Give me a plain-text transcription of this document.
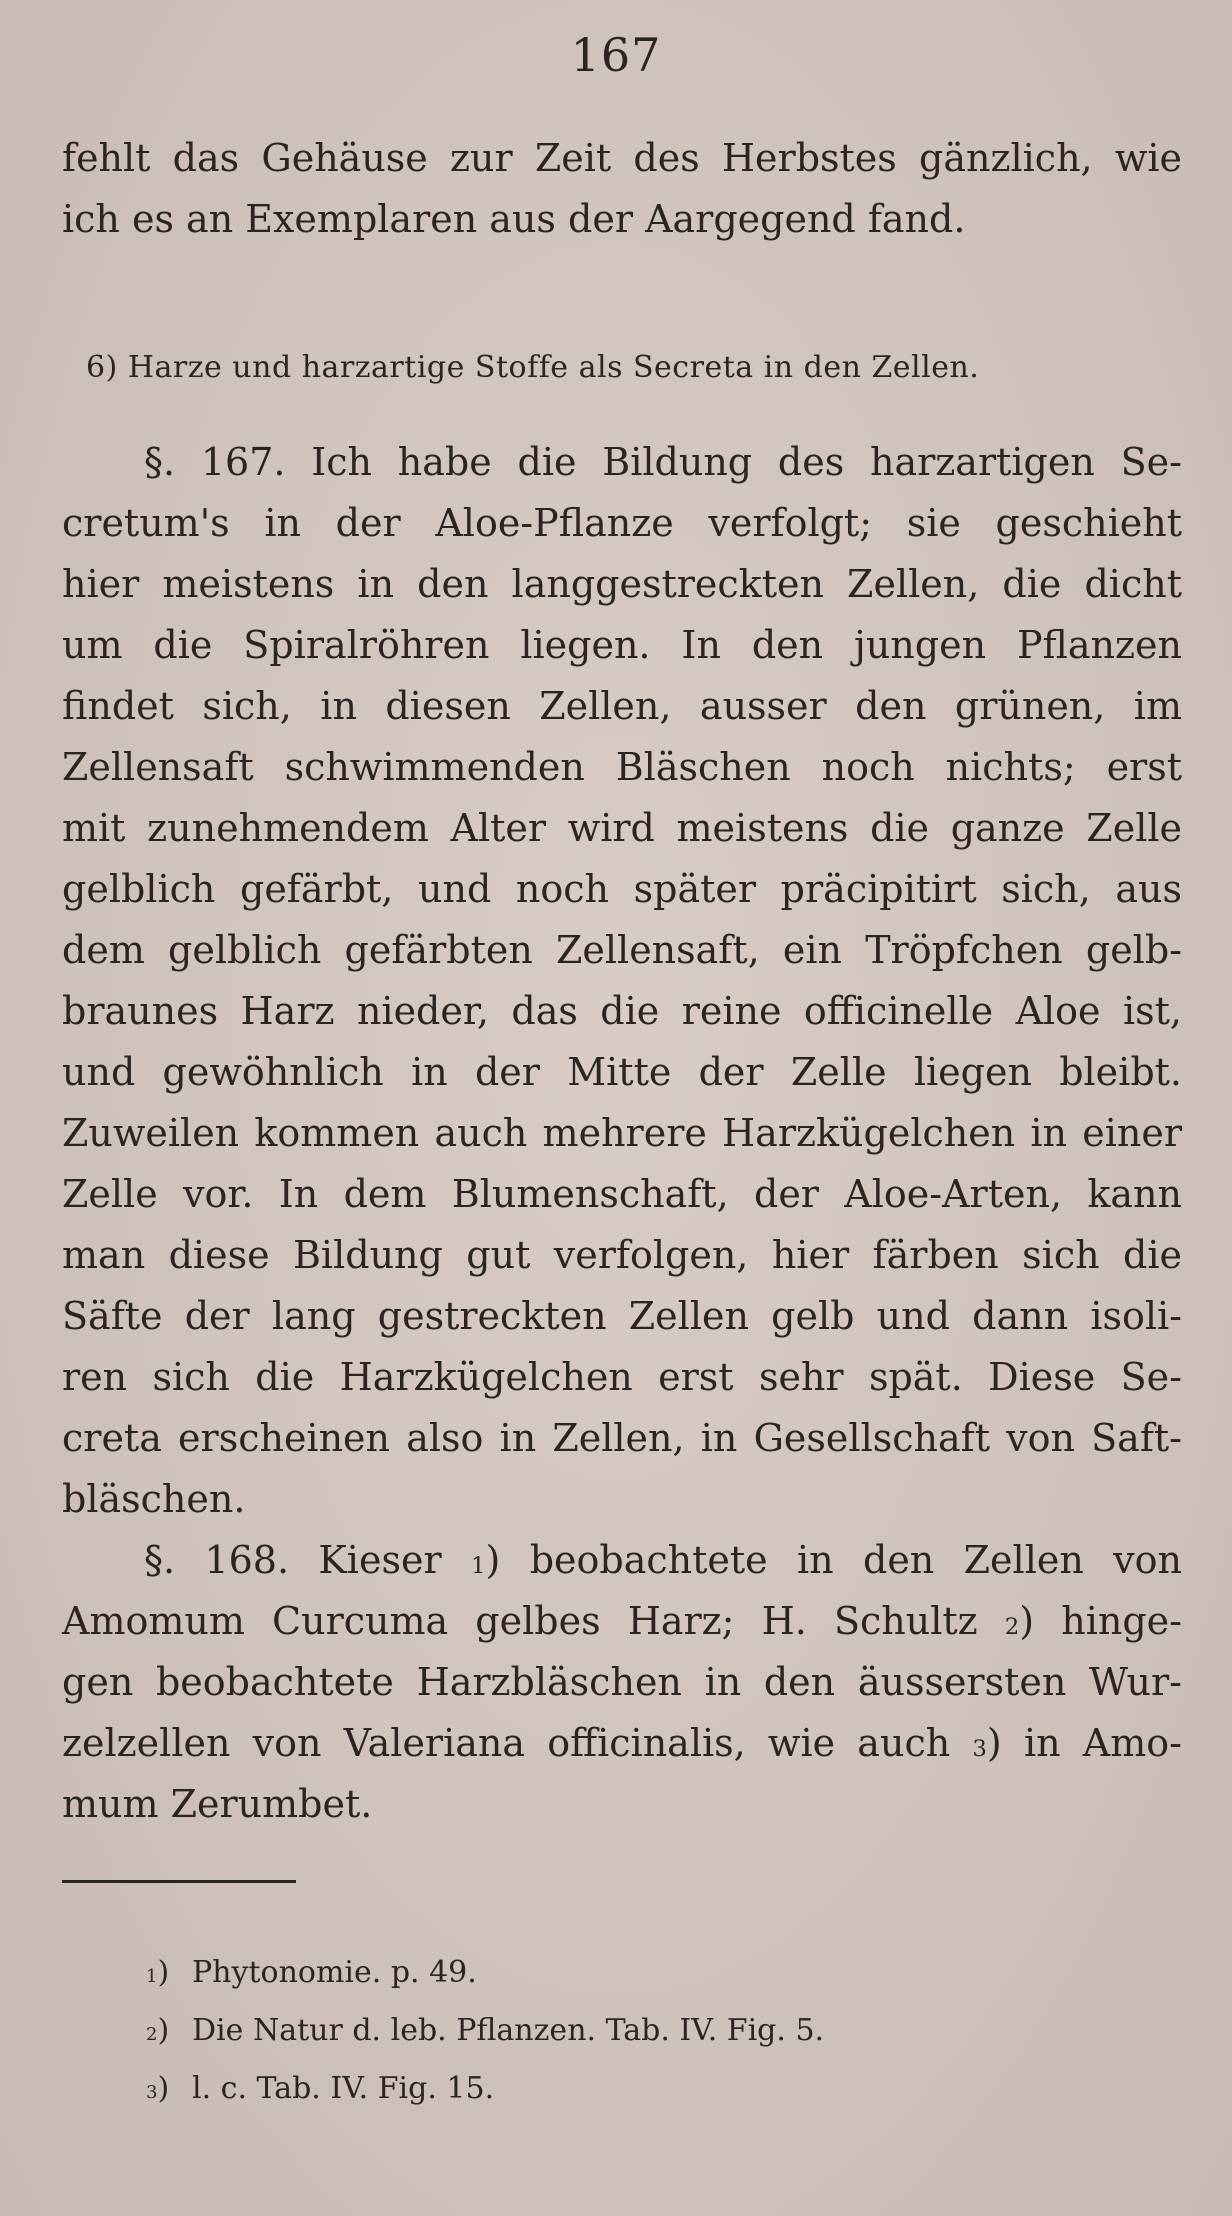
167
fehlt das Gehäuse zur Zeit des Herbstes gänzlich, wie
ich es an Exemplaren aus der Aargegend fand.
6) Harze und harzartige Stoffe als Secreta in den Zellen.
§. 167. Ich habe die Bildung des harzartigen Se-
cretum's in der Aloe-Pflanze verfolgt; sie geschieht
hier meistens in den langgestreckten Zellen, die dicht
um die Spiralröhren liegen. In den jungen Pflanzen
findet sich, in diesen Zellen, ausser den grünen, im
Zellensaft schwimmenden Bläschen noch nichts; erst
mit zunehmendem Alter wird meistens die ganze Zelle
gelblich gefärbt, und noch später präcipitirt sich, aus
dem gelblich gefärbten Zellensaft, ein Tröpfchen gelb-
braunes Harz nieder, das die reine officinelle Aloe ist,
und gewöhnlich in der Mitte der Zelle liegen bleibt.
Zuweilen kommen auch mehrere Harzkügelchen in einer
Zelle vor. In dem Blumenschaft, der Aloe-Arten, kann
man diese Bildung gut verfolgen, hier färben sich die
Säfte der lang gestreckten Zellen gelb und dann isoli-
ren sich die Harzkügelchen erst sehr spät. Diese Se-
creta erscheinen also in Zellen, in Gesellschaft von Saft-
bläschen.
§. 168. Kieser $^1$) beobachtete in den Zellen von
Amomum Curcuma gelbes Harz; H. Schultz $^2$) hinge-
gen beobachtete Harzbläschen in den äussersten Wur-
zelzellen von Valeriana officinalis, wie auch $^3$) in Amo-
mum Zerumbet.
$^1$) Phytonomie. p. 49.
$^2$) Die Natur d. leb. Pflanzen. Tab. IV. Fig. 5.
$^3$) l. c. Tab. IV. Fig. 15.
